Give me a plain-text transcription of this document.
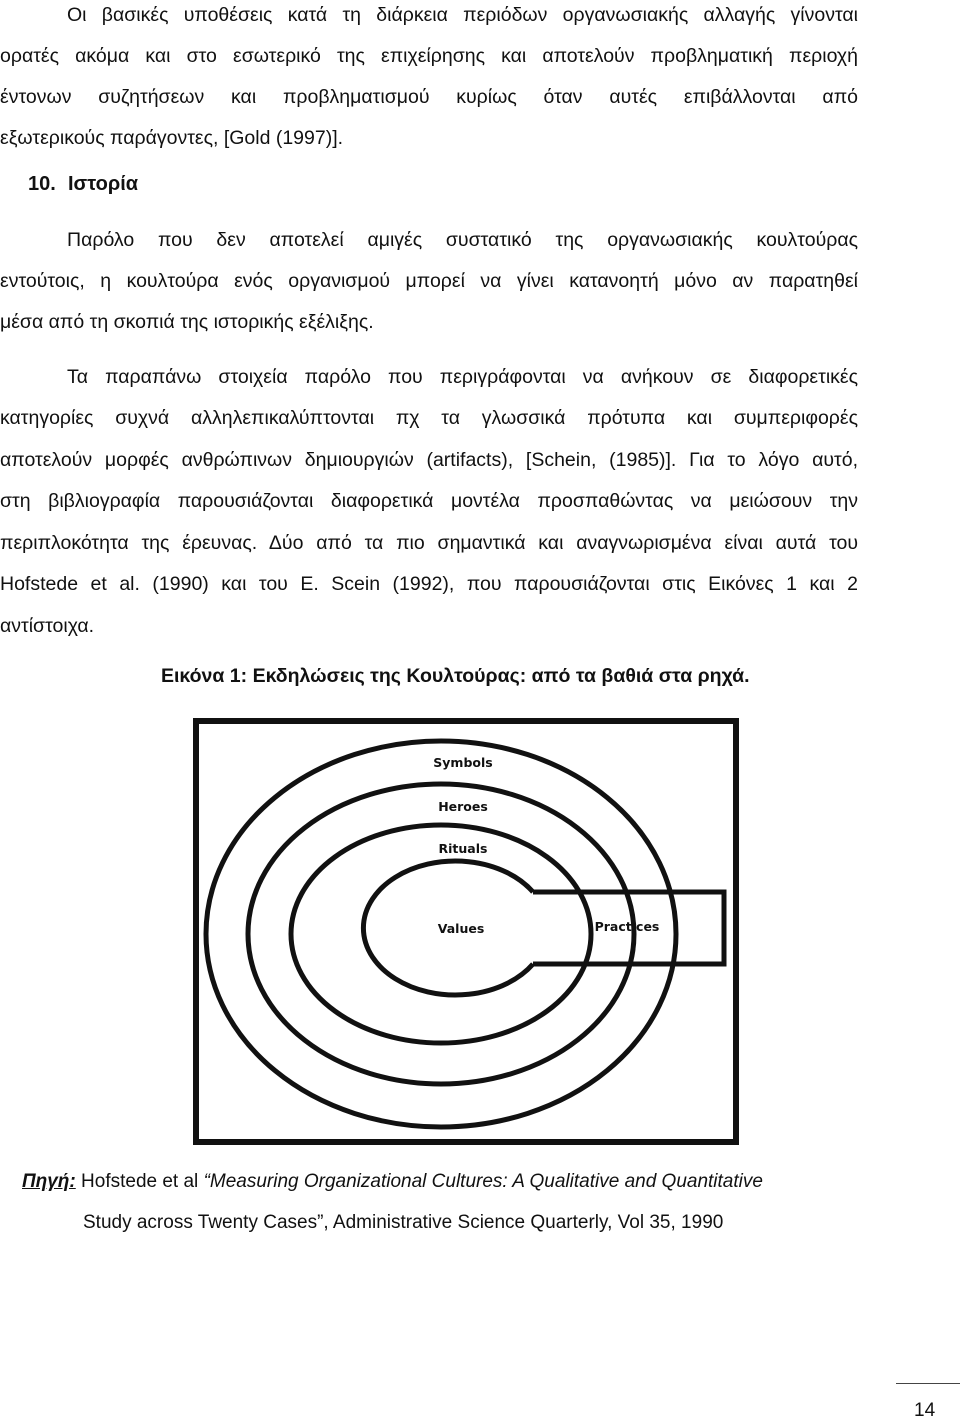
Οι βασικές υποθέσεις κατά τη διάρκεια περιόδων οργανωσιακής αλλαγής γίνονται

ορατές ακόμα και στο εσωτερικό της επιχείρησης και αποτελούν προβληματική περιοχή

έντονων συζητήσεων και προβληματισμού κυρίως όταν αυτές επιβάλλονται από

εξωτερικούς παράγοντες, [Gold (1997)].

10. Ιστορία

Παρόλο που δεν αποτελεί αμιγές συστατικό της οργανωσιακής κουλτούρας

εντούτοις, η κουλτούρα ενός οργανισμού μπορεί να γίνει κατανοητή μόνο αν παρατηθεί

μέσα από τη σκοπιά της ιστορικής εξέλιξης.

Τα παραπάνω στοιχεία παρόλο που περιγράφονται να ανήκουν σε διαφορετικές

κατηγορίες συχνά αλληλεπικαλύπτονται πχ τα γλωσσικά πρότυπα και συμπεριφορές

αποτελούν μορφές ανθρώπινων δημιουργιών (artifacts), [Schein, (1985)]. Για το λόγο αυτό,

στη βιβλιογραφία παρουσιάζονται διαφορετικά μοντέλα προσπαθώντας να μειώσουν την

περιπλοκότητα της έρευνας. Δύο από τα πιο σημαντικά και αναγνωρισμένα είναι αυτά του

Hofstede et al. (1990) και του E. Scein (1992), που παρουσιάζονται στις Εικόνες 1 και 2

αντίστοιχα.

Εικόνα 1: Εκδηλώσεις της Κουλτούρας: από τα βαθιά στα ρηχά.
Symbols
Heroes
Rituals
Values	Practices
Πηγή: Hofstede et al “Measuring Organizational Cultures: A Qualitative and Quantitative
Study across Twenty Cases”, Administrative Science Quarterly, Vol 35, 1990
14
